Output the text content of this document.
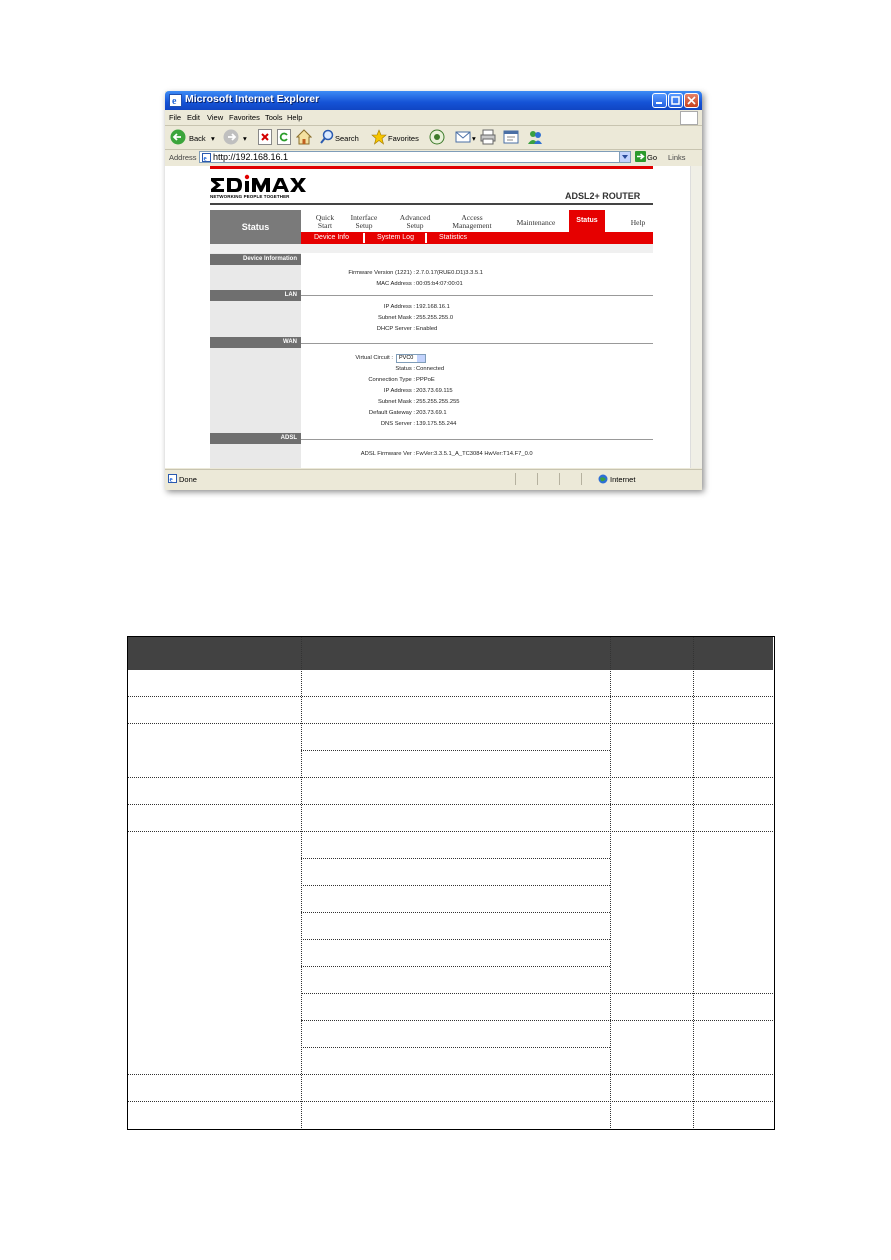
e Microsoft Internet Explorer
File Edit View Favorites Tools Help
Back ▾	▾	Search	Favorites	▾
Address e http://192.168.16.1	Go Links
NETWORKING PEOPLE TOGETHER	ADSL2+ ROUTER
Status
Quick
Start
Interface
Setup
Advanced
Setup
Access
Management	Maintenance	Status	Help
Device Info	System Log	Statistics
Device Information
Firmware Version (1221) : 2.7.0.17(RUE0.D1)3.3.5.1
MAC Address : 00:05:b4:07:00:01
LAN
IP Address : 192.168.16.1
Subnet Mask : 255.255.255.0
DHCP Server : Enabled
WAN
Virtual Circuit : PVC0
Status : Connected
Connection Type : PPPoE
IP Address : 203.73.69.115
Subnet Mask : 255.255.255.255
Default Gateway : 203.73.69.1
DNS Server : 139.175.55.244
ADSL
ADSL Firmware Ver : FwVer:3.3.5.1_A_TC3084 HwVer:T14.F7_0.0
e Done	Internet
